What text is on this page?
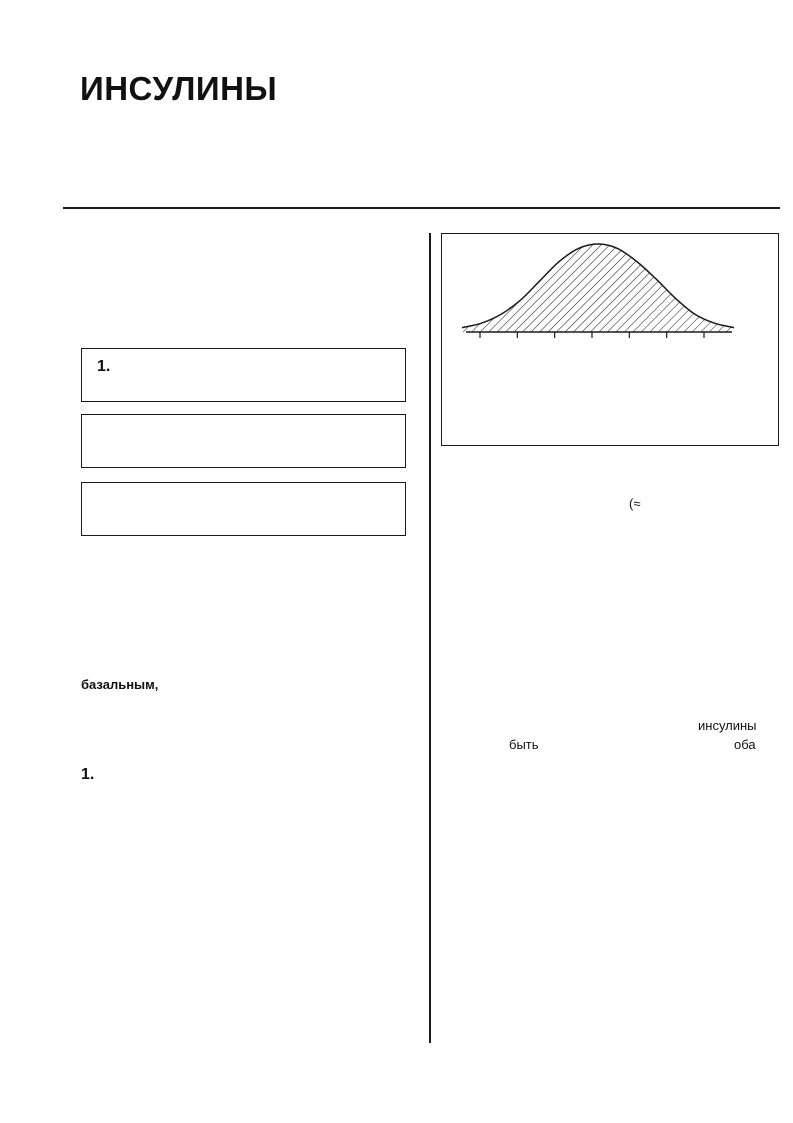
ИНСУЛИНЫ
1.
базальным,
1.
(≈
инсулины
быть	оба
